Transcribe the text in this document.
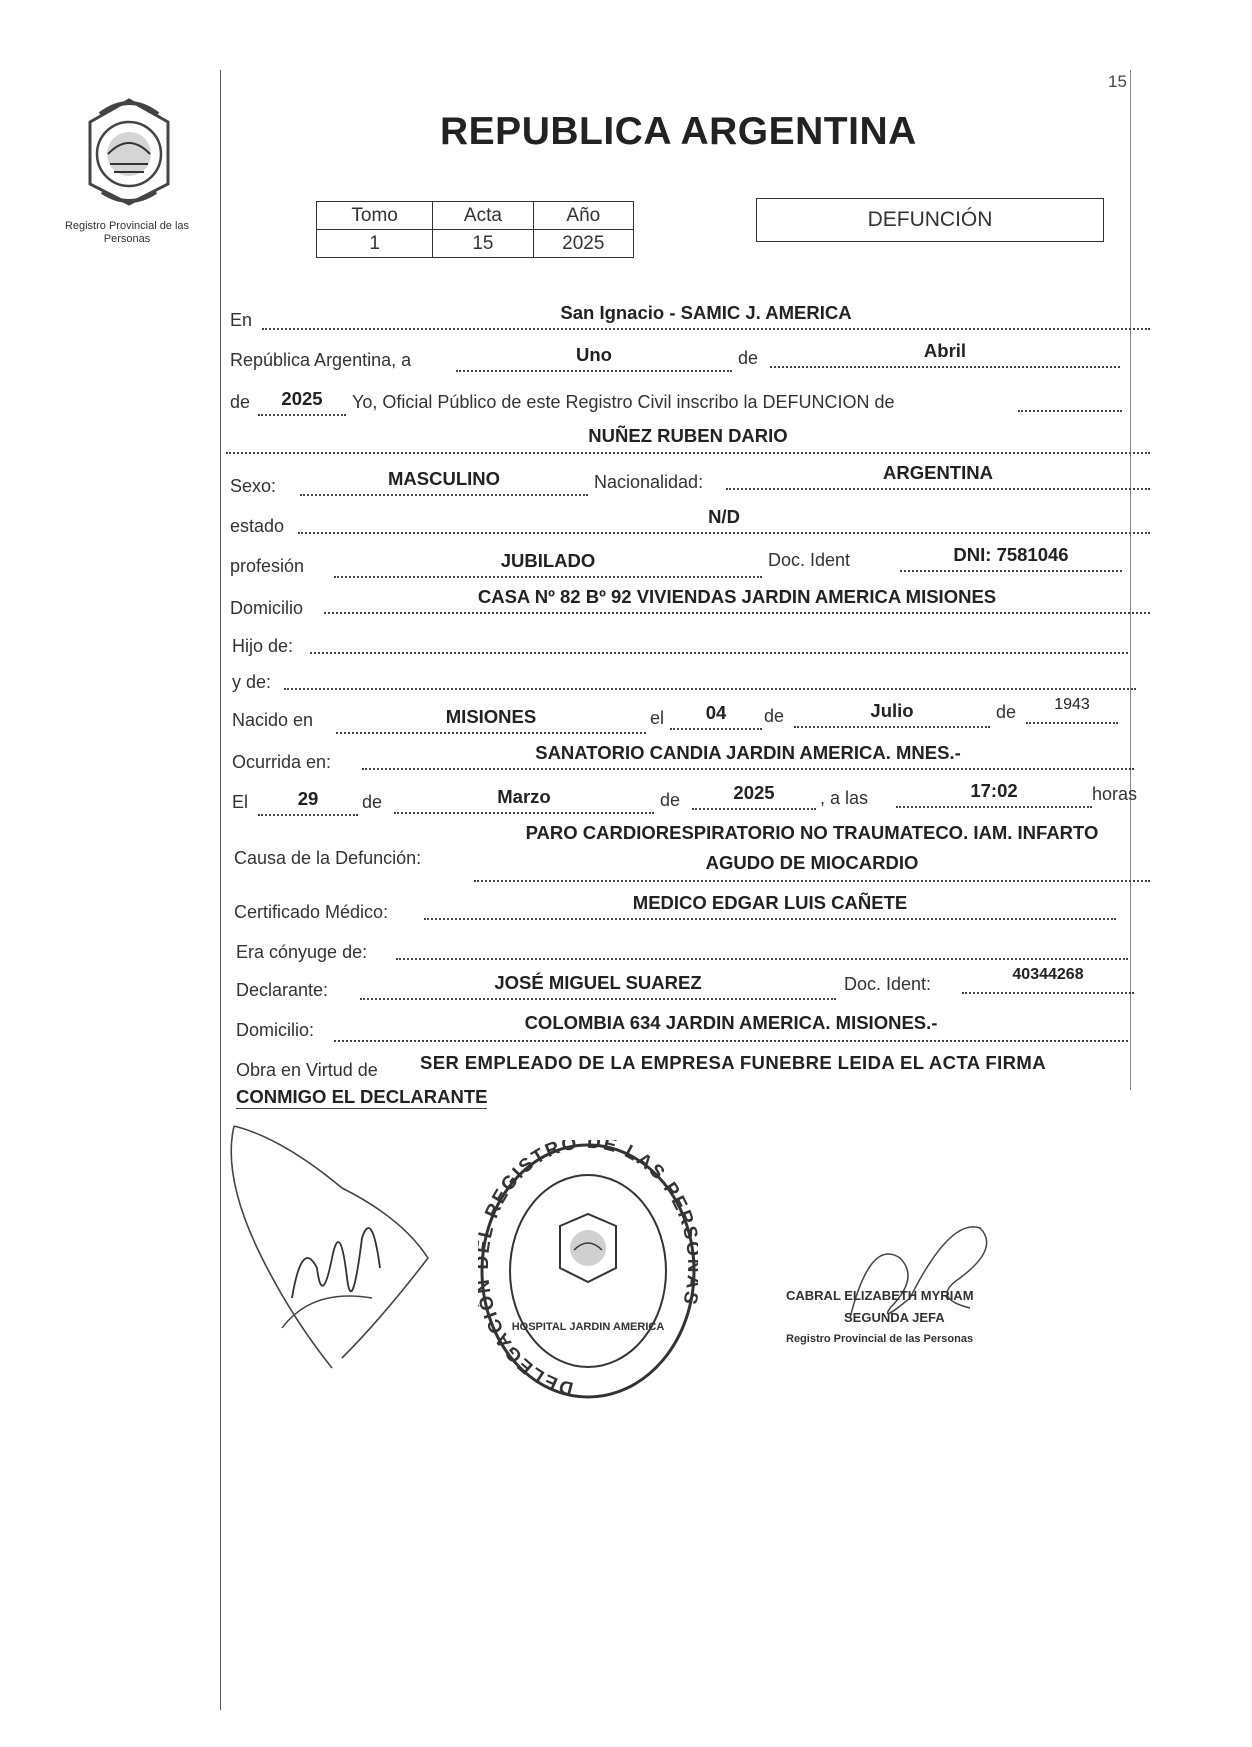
15
Registro Provincial de las Personas
REPUBLICA ARGENTINA
Tomo	Acta	Año
1	15	2025
DEFUNCIÓN
En	San Ignacio - SAMIC J. AMERICA
República Argentina, a	Uno	de	Abril
de	2025	Yo, Oficial Público de este Registro Civil inscribo la DEFUNCION de
NUÑEZ RUBEN DARIO
Sexo:	MASCULINO	Nacionalidad:	ARGENTINA
estado	N/D
profesión	JUBILADO	Doc. Ident	DNI: 7581046
Domicilio
CASA Nº 82 Bº 92 VIVIENDAS JARDIN AMERICA MISIONES
Hijo de:
y de:
Nacido en	MISIONES	el	04	de	Julio	de	1943
Ocurrida en:	SANATORIO CANDIA JARDIN AMERICA. MNES.-
El	29	de	Marzo	de	2025	, a las	17:02	horas
Causa de la Defunción:
PARO CARDIORESPIRATORIO NO TRAUMATECO. IAM. INFARTO
AGUDO DE MIOCARDIO
Certificado Médico:	MEDICO EDGAR LUIS CAÑETE
Era cónyuge de:
Declarante:	JOSÉ MIGUEL SUAREZ	Doc. Ident:	40344268
Domicilio:	COLOMBIA 634 JARDIN AMERICA. MISIONES.-
Obra en Virtud de SER EMPLEADO DE LA EMPRESA FUNEBRE LEIDA EL ACTA FIRMA
CONMIGO EL DECLARANTE
DELEGACI REGISTRO DE LAS PER
HOSPITAL JARDIN AMERICA
CABRAL ELIZABETH MYRIAM
SEGUNDA JEFA
Registro Provincial de las Personas
